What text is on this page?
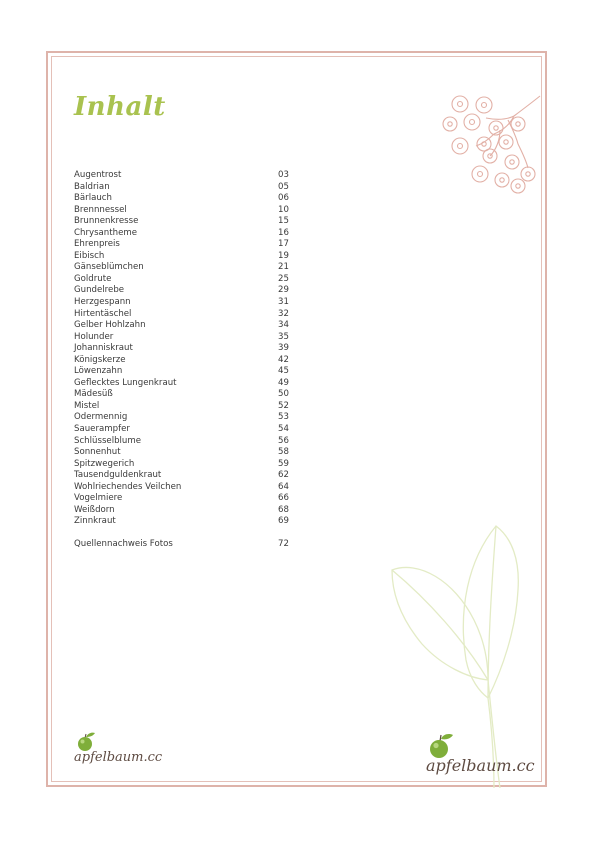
Inhalt
Augentrost	03
Baldrian	05
Bärlauch	06
Brennnessel	10
Brunnenkresse	15
Chrysantheme	16
Ehrenpreis	17
Eibisch	19
Gänseblümchen	21
Goldrute	25
Gundelrebe	29
Herzgespann	31
Hirtentäschel	32
Gelber Hohlzahn	34
Holunder	35
Johanniskraut	39
Königskerze	42
Löwenzahn	45
Geflecktes Lungenkraut	49
Mädesüß	50
Mistel	52
Odermennig	53
Sauerampfer	54
Schlüsselblume	56
Sonnenhut	58
Spitzwegerich	59
Tausendguldenkraut	62
Wohlriechendes Veilchen	64
Vogelmiere	66
Weißdorn	68
Zinnkraut	69
Quellennachweis Fotos	72
apfelbaum.cc	apfelbaum.cc
